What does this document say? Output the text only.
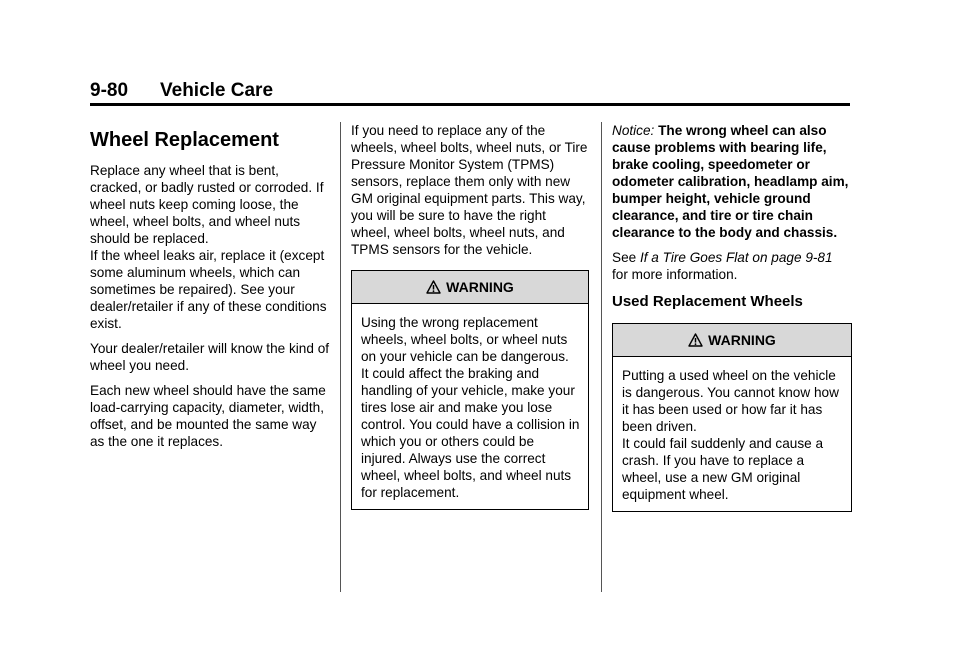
9-80 Vehicle Care
Wheel Replacement

Replace any wheel that is bent, cracked, or badly rusted or corroded. If wheel nuts keep coming loose, the wheel, wheel bolts, and wheel nuts should be replaced.

If the wheel leaks air, replace it (except some aluminum wheels, which can sometimes be repaired). See your dealer/retailer if any of these conditions exist.

Your dealer/retailer will know the kind of wheel you need.

Each new wheel should have the same load-carrying capacity, diameter, width, offset, and be mounted the same way as the one it replaces.

If you need to replace any of the wheels, wheel bolts, wheel nuts, or Tire Pressure Monitor System (TPMS) sensors, replace them only with new GM original equipment parts. This way, you will be sure to have the right wheel, wheel bolts, wheel nuts, and TPMS sensors for the vehicle.

WARNING
Using the wrong replacement wheels, wheel bolts, or wheel nuts on your vehicle can be dangerous. It could affect the braking and handling of your vehicle, make your tires lose air and make you lose control. You could have a collision in which you or others could be injured. Always use the correct wheel, wheel bolts, and wheel nuts for replacement.

Notice: The wrong wheel can also cause problems with bearing life, brake cooling, speedometer or odometer calibration, headlamp aim, bumper height, vehicle ground clearance, and tire or tire chain clearance to the body and chassis.

See If a Tire Goes Flat on page 9-81 for more information.

Used Replacement Wheels
WARNING
Putting a used wheel on the vehicle is dangerous. You cannot know how it has been used or how far it has been driven.
It could fail suddenly and cause a crash. If you have to replace a wheel, use a new GM original equipment wheel.
